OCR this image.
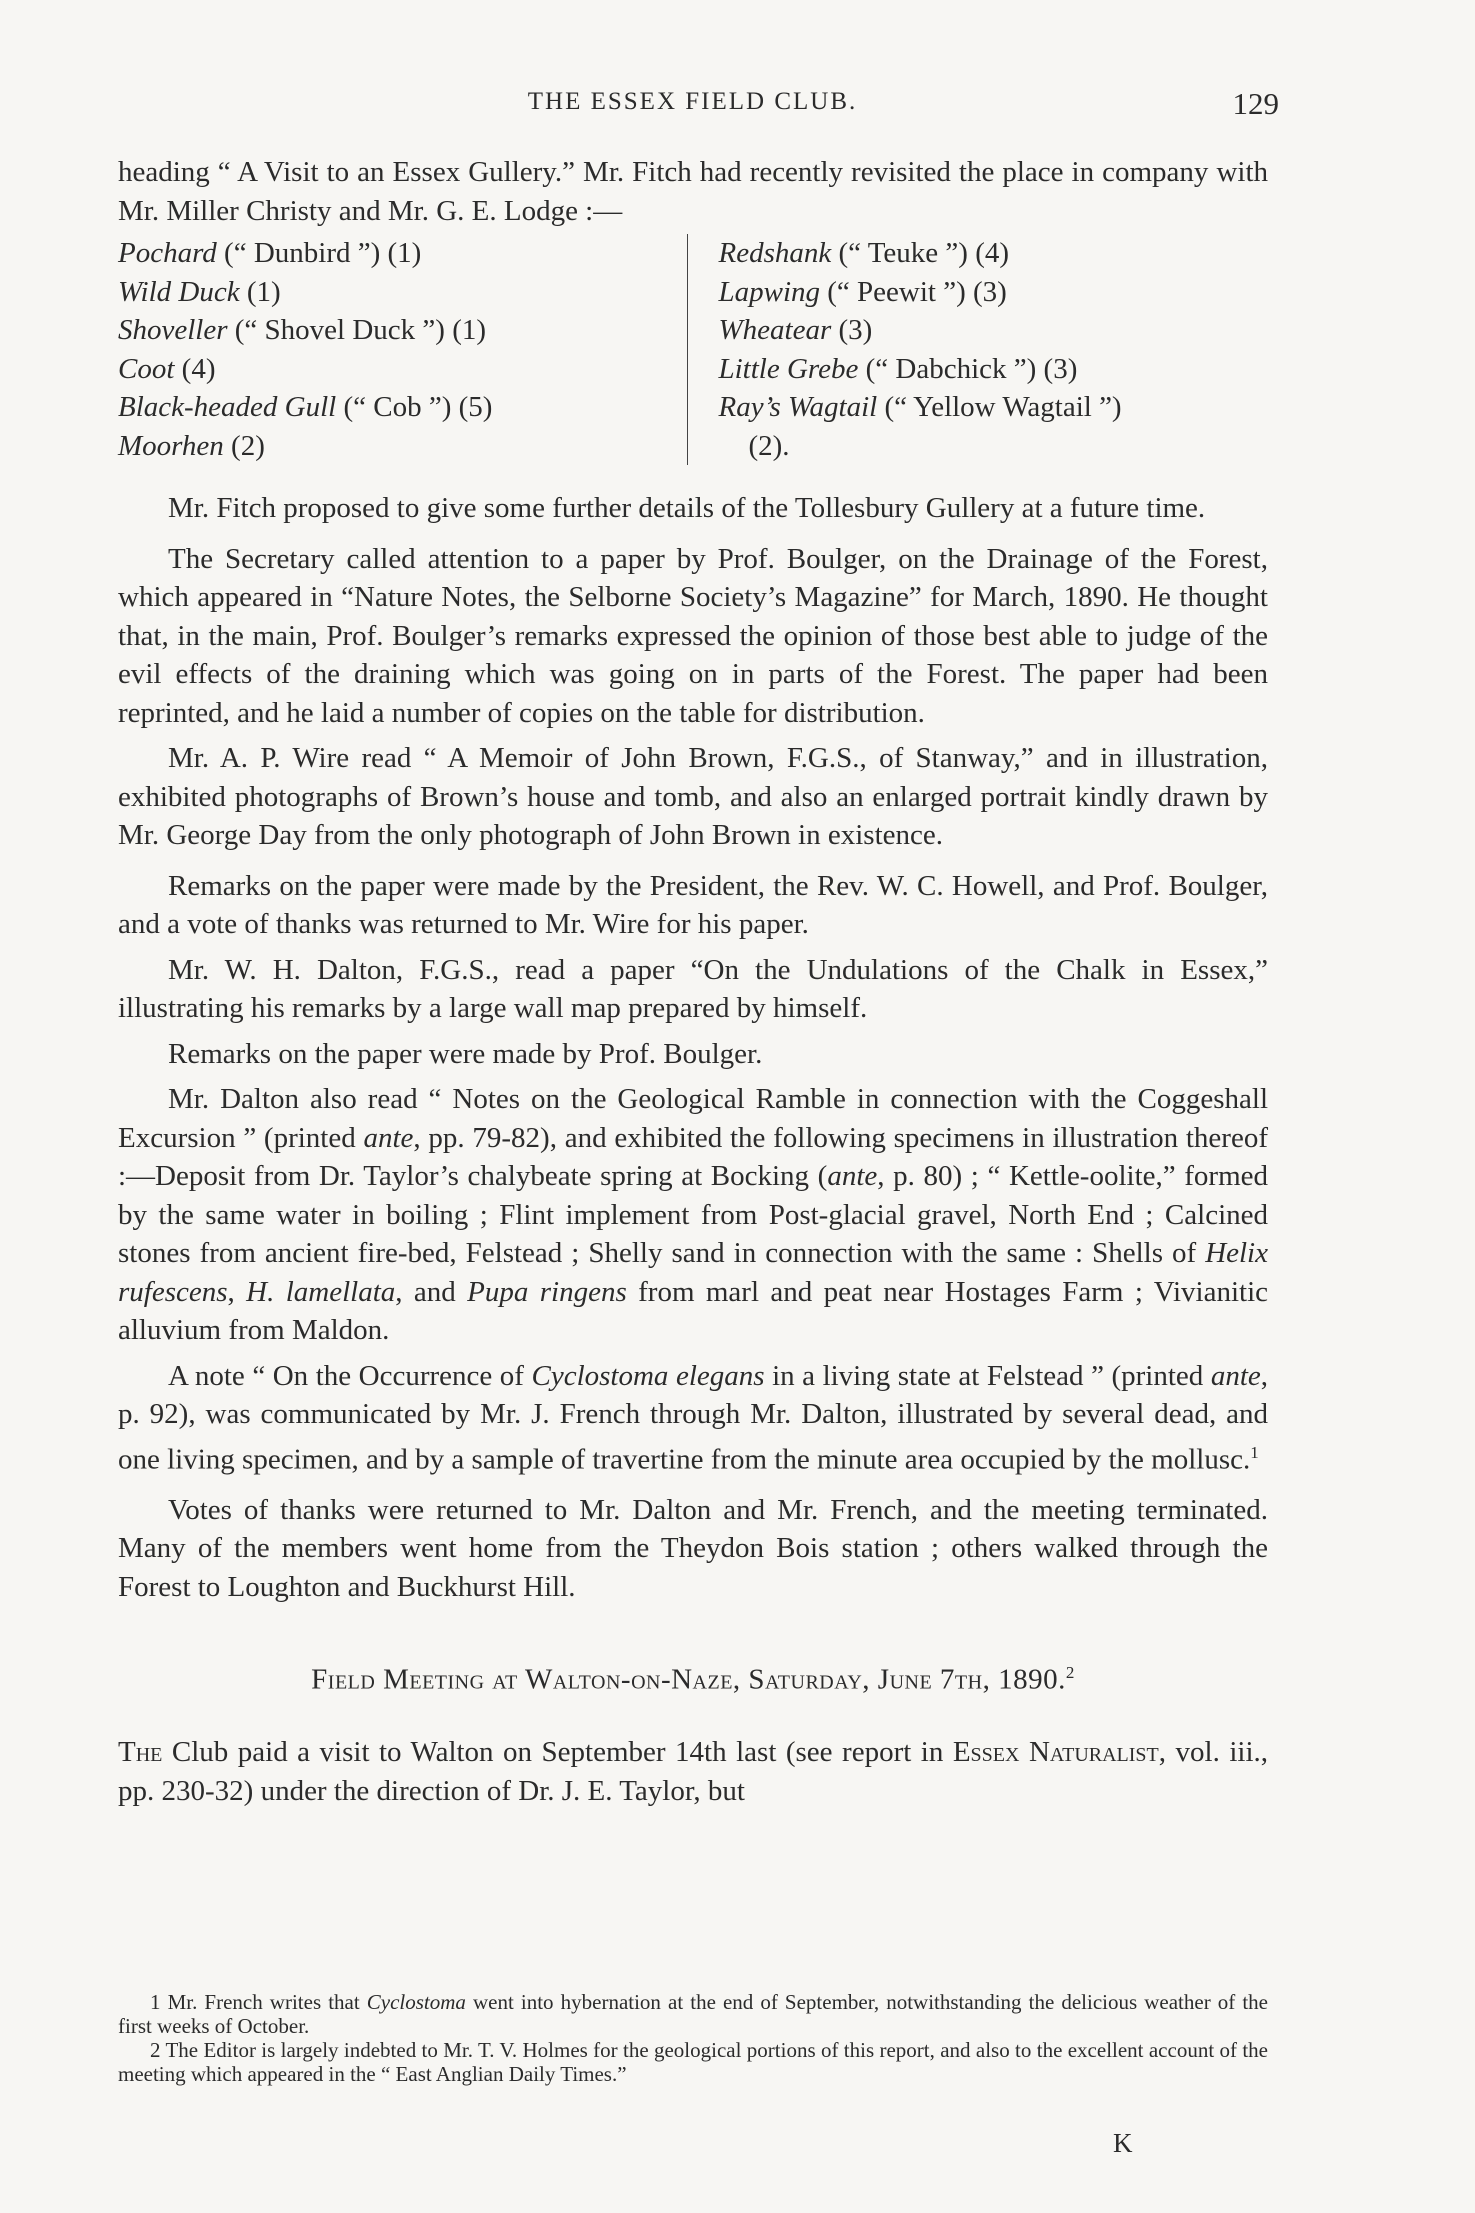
THE ESSEX FIELD CLUB.	129

heading “ A Visit to an Essex Gullery.” Mr. Fitch had recently revisited the place in company with Mr. Miller Christy and Mr. G. E. Lodge :—

Pochard (“ Dunbird ”) (1)
Wild Duck (1)
Shoveller (“ Shovel Duck ”) (1)
Coot (4)
Black-headed Gull (“ Cob ”) (5)
Moorhen (2)
Redshank (“ Teuke ”) (4)
Lapwing (“ Peewit ”) (3)
Wheatear (3)
Little Grebe (“ Dabchick ”) (3)
Ray’s Wagtail (“ Yellow Wagtail ”)
(2).

Mr. Fitch proposed to give some further details of the Tollesbury Gullery at a future time.

The Secretary called attention to a paper by Prof. Boulger, on the Drainage of the Forest, which appeared in “Nature Notes, the Selborne Society’s Magazine” for March, 1890. He thought that, in the main, Prof. Boulger’s remarks expressed the opinion of those best able to judge of the evil effects of the draining which was going on in parts of the Forest. The paper had been reprinted, and he laid a number of copies on the table for distribution.

Mr. A. P. Wire read “ A Memoir of John Brown, F.G.S., of Stanway,” and in illustration, exhibited photographs of Brown’s house and tomb, and also an enlarged portrait kindly drawn by Mr. George Day from the only photograph of John Brown in existence.

Remarks on the paper were made by the President, the Rev. W. C. Howell, and Prof. Boulger, and a vote of thanks was returned to Mr. Wire for his paper.

Mr. W. H. Dalton, F.G.S., read a paper “On the Undulations of the Chalk in Essex,” illustrating his remarks by a large wall map prepared by himself.

Remarks on the paper were made by Prof. Boulger.

Mr. Dalton also read “ Notes on the Geological Ramble in connection with the Coggeshall Excursion ” (printed ante, pp. 79-82), and exhibited the following specimens in illustration thereof :—Deposit from Dr. Taylor’s chalybeate spring at Bocking (ante, p. 80) ; “ Kettle-oolite,” formed by the same water in boiling ; Flint implement from Post-glacial gravel, North End ; Calcined stones from ancient fire-bed, Felstead ; Shelly sand in connection with the same : Shells of Helix rufescens, H. lamellata, and Pupa ringens from marl and peat near Hostages Farm ; Vivianitic alluvium from Maldon.

A note “ On the Occurrence of Cyclostoma elegans in a living state at Felstead ” (printed ante, p. 92), was communicated by Mr. J. French through Mr. Dalton, illustrated by several dead, and one living specimen, and by a sample of travertine from the minute area occupied by the mollusc.$^1$

Votes of thanks were returned to Mr. Dalton and Mr. French, and the meeting terminated. Many of the members went home from the Theydon Bois station ; others walked through the Forest to Loughton and Buckhurst Hill.

Field Meeting at Walton-on-Naze, Saturday, June 7th, 1890.$^2$

The Club paid a visit to Walton on September 14th last (see report in Essex Naturalist, vol. iii., pp. 230-32) under the direction of Dr. J. E. Taylor, but

1 Mr. French writes that Cyclostoma went into hybernation at the end of September, notwithstanding the delicious weather of the first weeks of October.

2 The Editor is largely indebted to Mr. T. V. Holmes for the geological portions of this report, and also to the excellent account of the meeting which appeared in the “ East Anglian Daily Times.”

K
